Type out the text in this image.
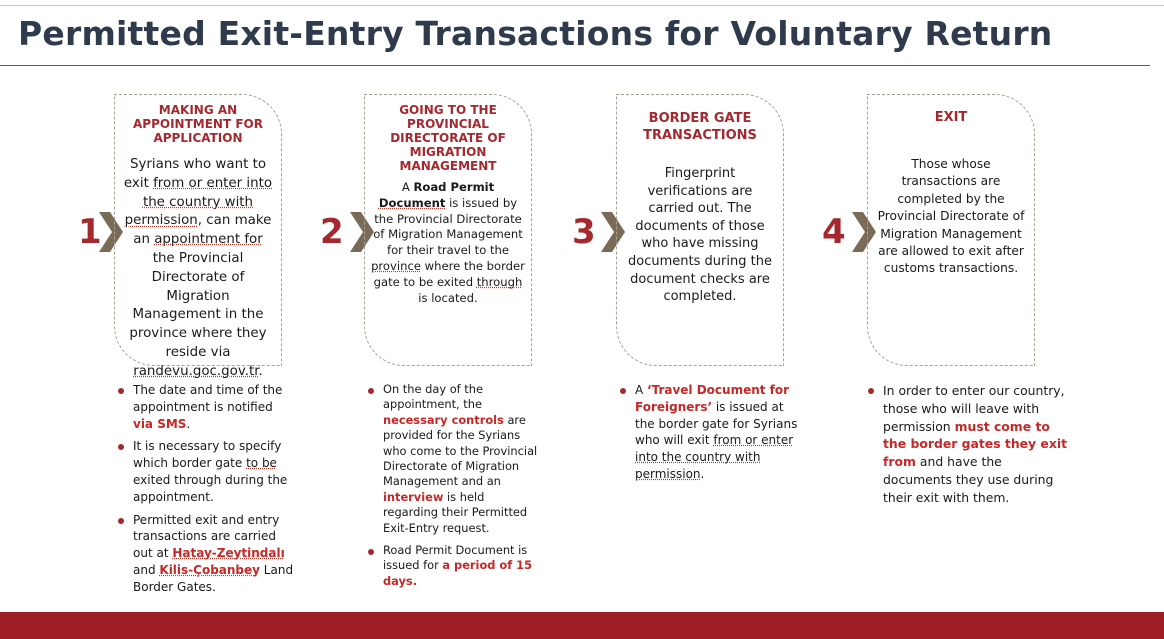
Permitted Exit-Entry Transactions for Voluntary Return
1
MAKING AN APPOINTMENT FOR APPLICATION
Syrians who want to exit from or enter into the country with permission, can make an appointment for the Provincial Directorate of Migration Management in the province where they reside via randevu.goc.gov.tr.
The date and time of the appointment is notified via SMS.
It is necessary to specify which border gate to be exited through during the appointment.
Permitted exit and entry transactions are carried out at Hatay-Zeytindalı and Kilis-Çobanbey Land Border Gates.
2
GOING TO THE PROVINCIAL DIRECTORATE OF MIGRATION MANAGEMENT
A Road Permit Document is issued by the Provincial Directorate of Migration Management for their travel to the province where the border gate to be exited through is located.
On the day of the appointment, the necessary controls are provided for the Syrians who come to the Provincial Directorate of Migration Management and an interview is held regarding their Permitted Exit-Entry request.
Road Permit Document is issued for a period of 15 days.
3
BORDER GATE TRANSACTIONS
Fingerprint verifications are carried out. The documents of those who have missing documents during the document checks are completed.
A ‘Travel Document for Foreigners’ is issued at the border gate for Syrians who will exit from or enter into the country with permission.
4
EXIT
Those whose transactions are completed by the Provincial Directorate of Migration Management are allowed to exit after customs transactions.
In order to enter our country, those who will leave with permission must come to the border gates they exit from and have the documents they use during their exit with them.
